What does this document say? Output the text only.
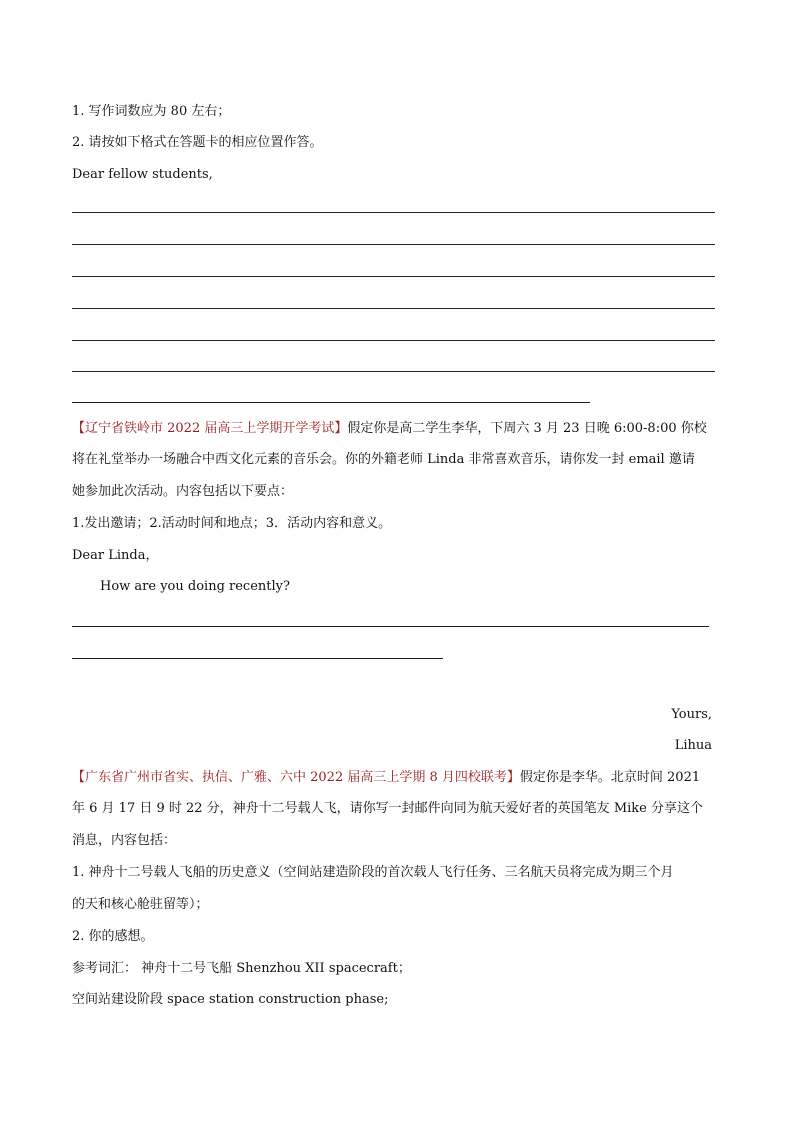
1. 写作词数应为 80 左右；
2. 请按如下格式在答题卡的相应位置作答。
Dear fellow students,
【辽宁省铁岭市 2022 届高三上学期开学考试】假定你是高二学生李华，下周六 3 月 23 日晚 6:00-8:00 你校
将在礼堂举办一场融合中西文化元素的音乐会。你的外籍老师 Linda 非常喜欢音乐，请你发一封 email 邀请
她参加此次活动。内容包括以下要点：
1.发出邀请；2.活动时间和地点；3．活动内容和意义。
Dear Linda，
How are you doing recently?
Yours,
Lihua
【广东省广州市省实、执信、广雅、六中 2022 届高三上学期 8 月四校联考】假定你是李华。北京时间 2021
年 6 月 17 日 9 时 22 分，神舟十二号载人飞，请你写一封邮件向同为航天爱好者的英国笔友 Mike 分享这个
消息，内容包括：
1. 神舟十二号载人飞船的历史意义（空间站建造阶段的首次载人飞行任务、三名航天员将完成为期三个月
的天和核心舱驻留等）；
2. 你的感想。
参考词汇： 神舟十二号飞船 Shenzhou XII spacecraft；
空间站建设阶段 space station construction phase;
